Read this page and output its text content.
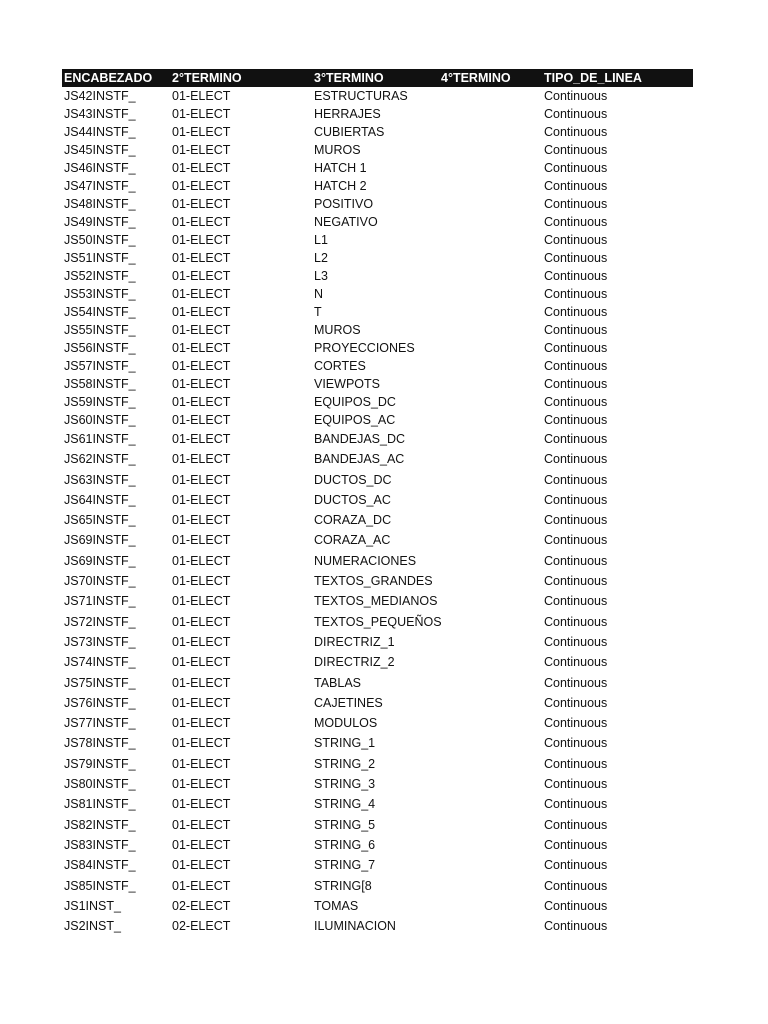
ENCABEZADO 2°TERMINO	3°TERMINO	4°TERMINO	TIPO_DE_LINEA
JS42INSTF_	01-ELECT	ESTRUCTURAS	Continuous
JS43INSTF_	01-ELECT	HERRAJES	Continuous
JS44INSTF_	01-ELECT	CUBIERTAS	Continuous
JS45INSTF_	01-ELECT	MUROS	Continuous
JS46INSTF_	01-ELECT	HATCH 1	Continuous
JS47INSTF_	01-ELECT	HATCH 2	Continuous
JS48INSTF_	01-ELECT	POSITIVO	Continuous
JS49INSTF_	01-ELECT	NEGATIVO	Continuous
JS50INSTF_	01-ELECT	L1	Continuous
JS51INSTF_	01-ELECT	L2	Continuous
JS52INSTF_	01-ELECT	L3	Continuous
JS53INSTF_	01-ELECT	N	Continuous
JS54INSTF_	01-ELECT	T	Continuous
JS55INSTF_	01-ELECT	MUROS	Continuous
JS56INSTF_	01-ELECT	PROYECCIONES	Continuous
JS57INSTF_	01-ELECT	CORTES	Continuous
JS58INSTF_	01-ELECT	VIEWPOTS	Continuous
JS59INSTF_	01-ELECT	EQUIPOS_DC	Continuous
JS60INSTF_	01-ELECT	EQUIPOS_AC	Continuous
JS61INSTF_	01-ELECT	BANDEJAS_DC	Continuous
JS62INSTF_	01-ELECT	BANDEJAS_AC	Continuous
JS63INSTF_	01-ELECT	DUCTOS_DC	Continuous
JS64INSTF_	01-ELECT	DUCTOS_AC	Continuous
JS65INSTF_	01-ELECT	CORAZA_DC	Continuous
JS69INSTF_	01-ELECT	CORAZA_AC	Continuous
JS69INSTF_	01-ELECT	NUMERACIONES	Continuous
JS70INSTF_	01-ELECT	TEXTOS_GRANDES	Continuous
JS71INSTF_	01-ELECT	TEXTOS_MEDIANOS	Continuous
JS72INSTF_	01-ELECT	TEXTOS_PEQUEÑOS	Continuous
JS73INSTF_	01-ELECT	DIRECTRIZ_1	Continuous
JS74INSTF_	01-ELECT	DIRECTRIZ_2	Continuous
JS75INSTF_	01-ELECT	TABLAS	Continuous
JS76INSTF_	01-ELECT	CAJETINES	Continuous
JS77INSTF_	01-ELECT	MODULOS	Continuous
JS78INSTF_	01-ELECT	STRING_1	Continuous
JS79INSTF_	01-ELECT	STRING_2	Continuous
JS80INSTF_	01-ELECT	STRING_3	Continuous
JS81INSTF_	01-ELECT	STRING_4	Continuous
JS82INSTF_	01-ELECT	STRING_5	Continuous
JS83INSTF_	01-ELECT	STRING_6	Continuous
JS84INSTF_	01-ELECT	STRING_7	Continuous
JS85INSTF_	01-ELECT	STRING[8	Continuous
JS1INST_	02-ELECT	TOMAS	Continuous
JS2INST_	02-ELECT	ILUMINACION	Continuous
